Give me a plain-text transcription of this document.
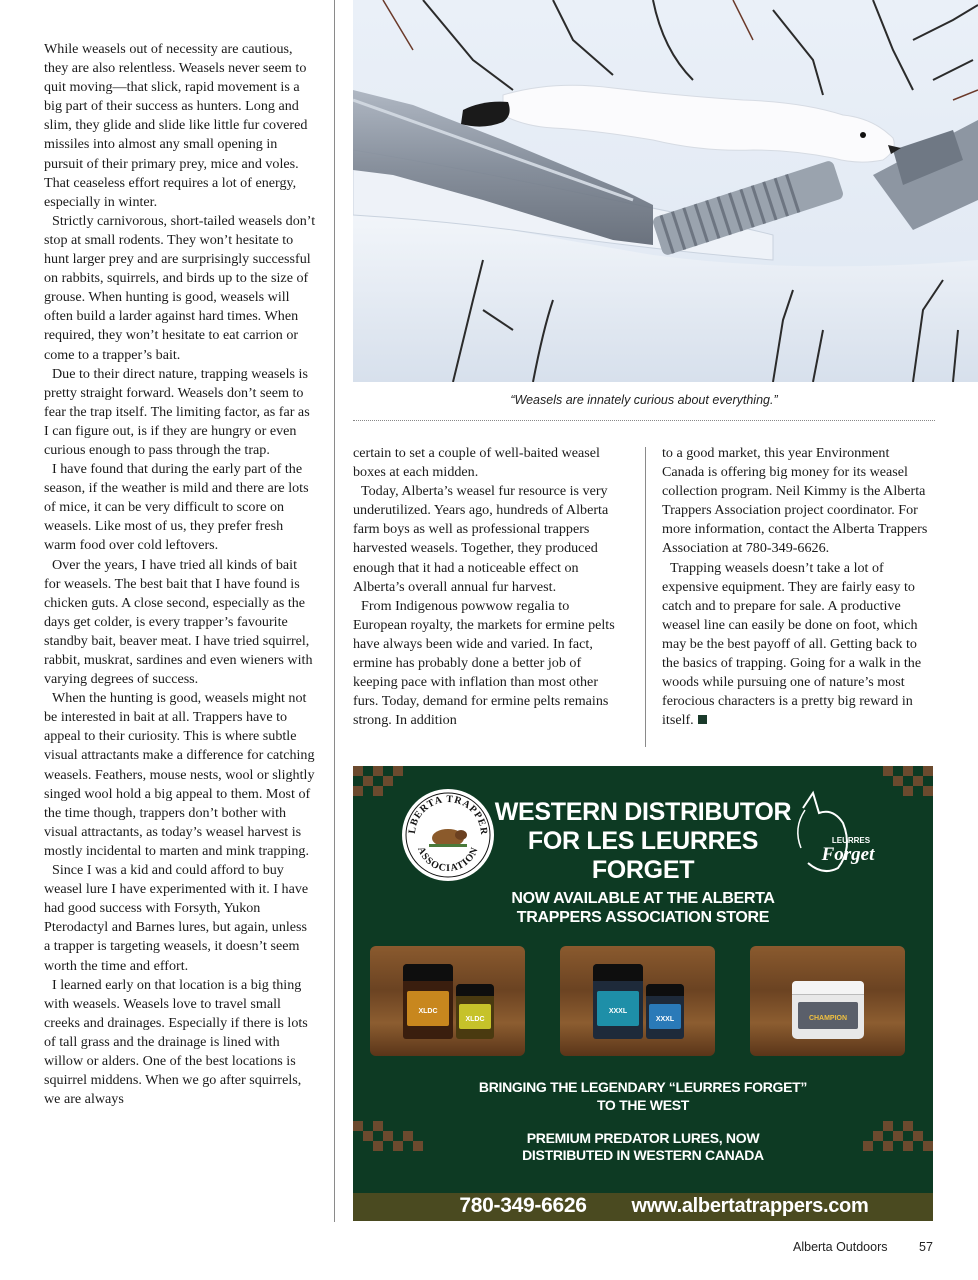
While weasels out of necessity are cautious, they are also relentless. Weasels never seem to quit moving—that slick, rapid movement is a big part of their success as hunters. Long and slim, they glide and slide like little fur covered missiles into almost any small opening in pursuit of their primary prey, mice and voles. That ceaseless effort requires a lot of energy, especially in winter.

Strictly carnivorous, short-tailed weasels don’t stop at small rodents. They won’t hesitate to hunt larger prey and are surprisingly successful on rabbits, squirrels, and birds up to the size of grouse. When hunting is good, weasels will often build a larder against hard times. When required, they won’t hesitate to eat carrion or come to a trapper’s bait.

Due to their direct nature, trapping weasels is pretty straight forward. Weasels don’t seem to fear the trap itself. The limiting factor, as far as I can figure out, is if they are hungry or even curious enough to pass through the trap.

I have found that during the early part of the season, if the weather is mild and there are lots of mice, it can be very difficult to score on weasels. Like most of us, they prefer fresh warm food over cold leftovers.

Over the years, I have tried all kinds of bait for weasels. The best bait that I have found is chicken guts. A close second, especially as the days get colder, is every trapper’s favourite standby bait, beaver meat. I have tried squirrel, rabbit, muskrat, sardines and even wieners with varying degrees of success.

When the hunting is good, weasels might not be interested in bait at all. Trappers have to appeal to their curiosity. This is where subtle visual attractants make a difference for catching weasels. Feathers, mouse nests, wool or slightly singed wool hold a big appeal to them. Most of the time though, trappers don’t bother with visual attractants, as today’s weasel harvest is mostly incidental to marten and mink trapping.

Since I was a kid and could afford to buy weasel lure I have experimented with it. I have had good success with Forsyth, Yukon Pterodactyl and Barnes lures, but again, unless a trapper is targeting weasels, it doesn’t seem worth the time and effort.

I learned early on that location is a big thing with weasels. Weasels love to travel small creeks and drainages. Especially if there is lots of tall grass and the drainage is lined with willow or alders. One of the best locations is squirrel middens. When we go after squirrels, we are always

“Weasels are innately curious about everything.”

certain to set a couple of well-baited weasel boxes at each midden.

Today, Alberta’s weasel fur resource is very underutilized. Years ago, hundreds of Alberta farm boys as well as professional trappers harvested weasels. Together, they produced enough that it had a noticeable effect on Alberta’s overall annual fur harvest.

From Indigenous powwow regalia to European royalty, the markets for ermine pelts have always been wide and varied. In fact, ermine has probably done a better job of keeping pace with inflation than most other furs. Today, demand for ermine pelts remains strong. In addition

to a good market, this year Environment Canada is offering big money for its weasel collection program. Neil Kimmy is the Alberta Trappers Association project coordinator. For more information, contact the Alberta Trappers Association at 780-349-6626.

Trapping weasels doesn’t take a lot of expensive equipment. They are fairly easy to catch and to prepare for sale. A productive weasel line can easily be done on foot, which may be the best payoff of all. Getting back to the basics of trapping. Going for a walk in the woods while pursuing one of nature’s most ferocious characters is a pretty big reward in itself.

LBERTA TRAPPER
ASSOCIATION
WESTERN DISTRIBUTOR
FOR LES LEURRES
FORGET
NOW AVAILABLE AT THE ALBERTA
TRAPPERS ASSOCIATION STORE
LEURRES
Forget
XLDC
XLDC
XXXL
XXXL	CHAMPION
BRINGING THE LEGENDARY “LEURRES FORGET”
TO THE WEST
PREMIUM PREDATOR LURES, NOW
DISTRIBUTED IN WESTERN CANADA
780-349-6626	www.albertatrappers.com
Alberta Outdoors	57
